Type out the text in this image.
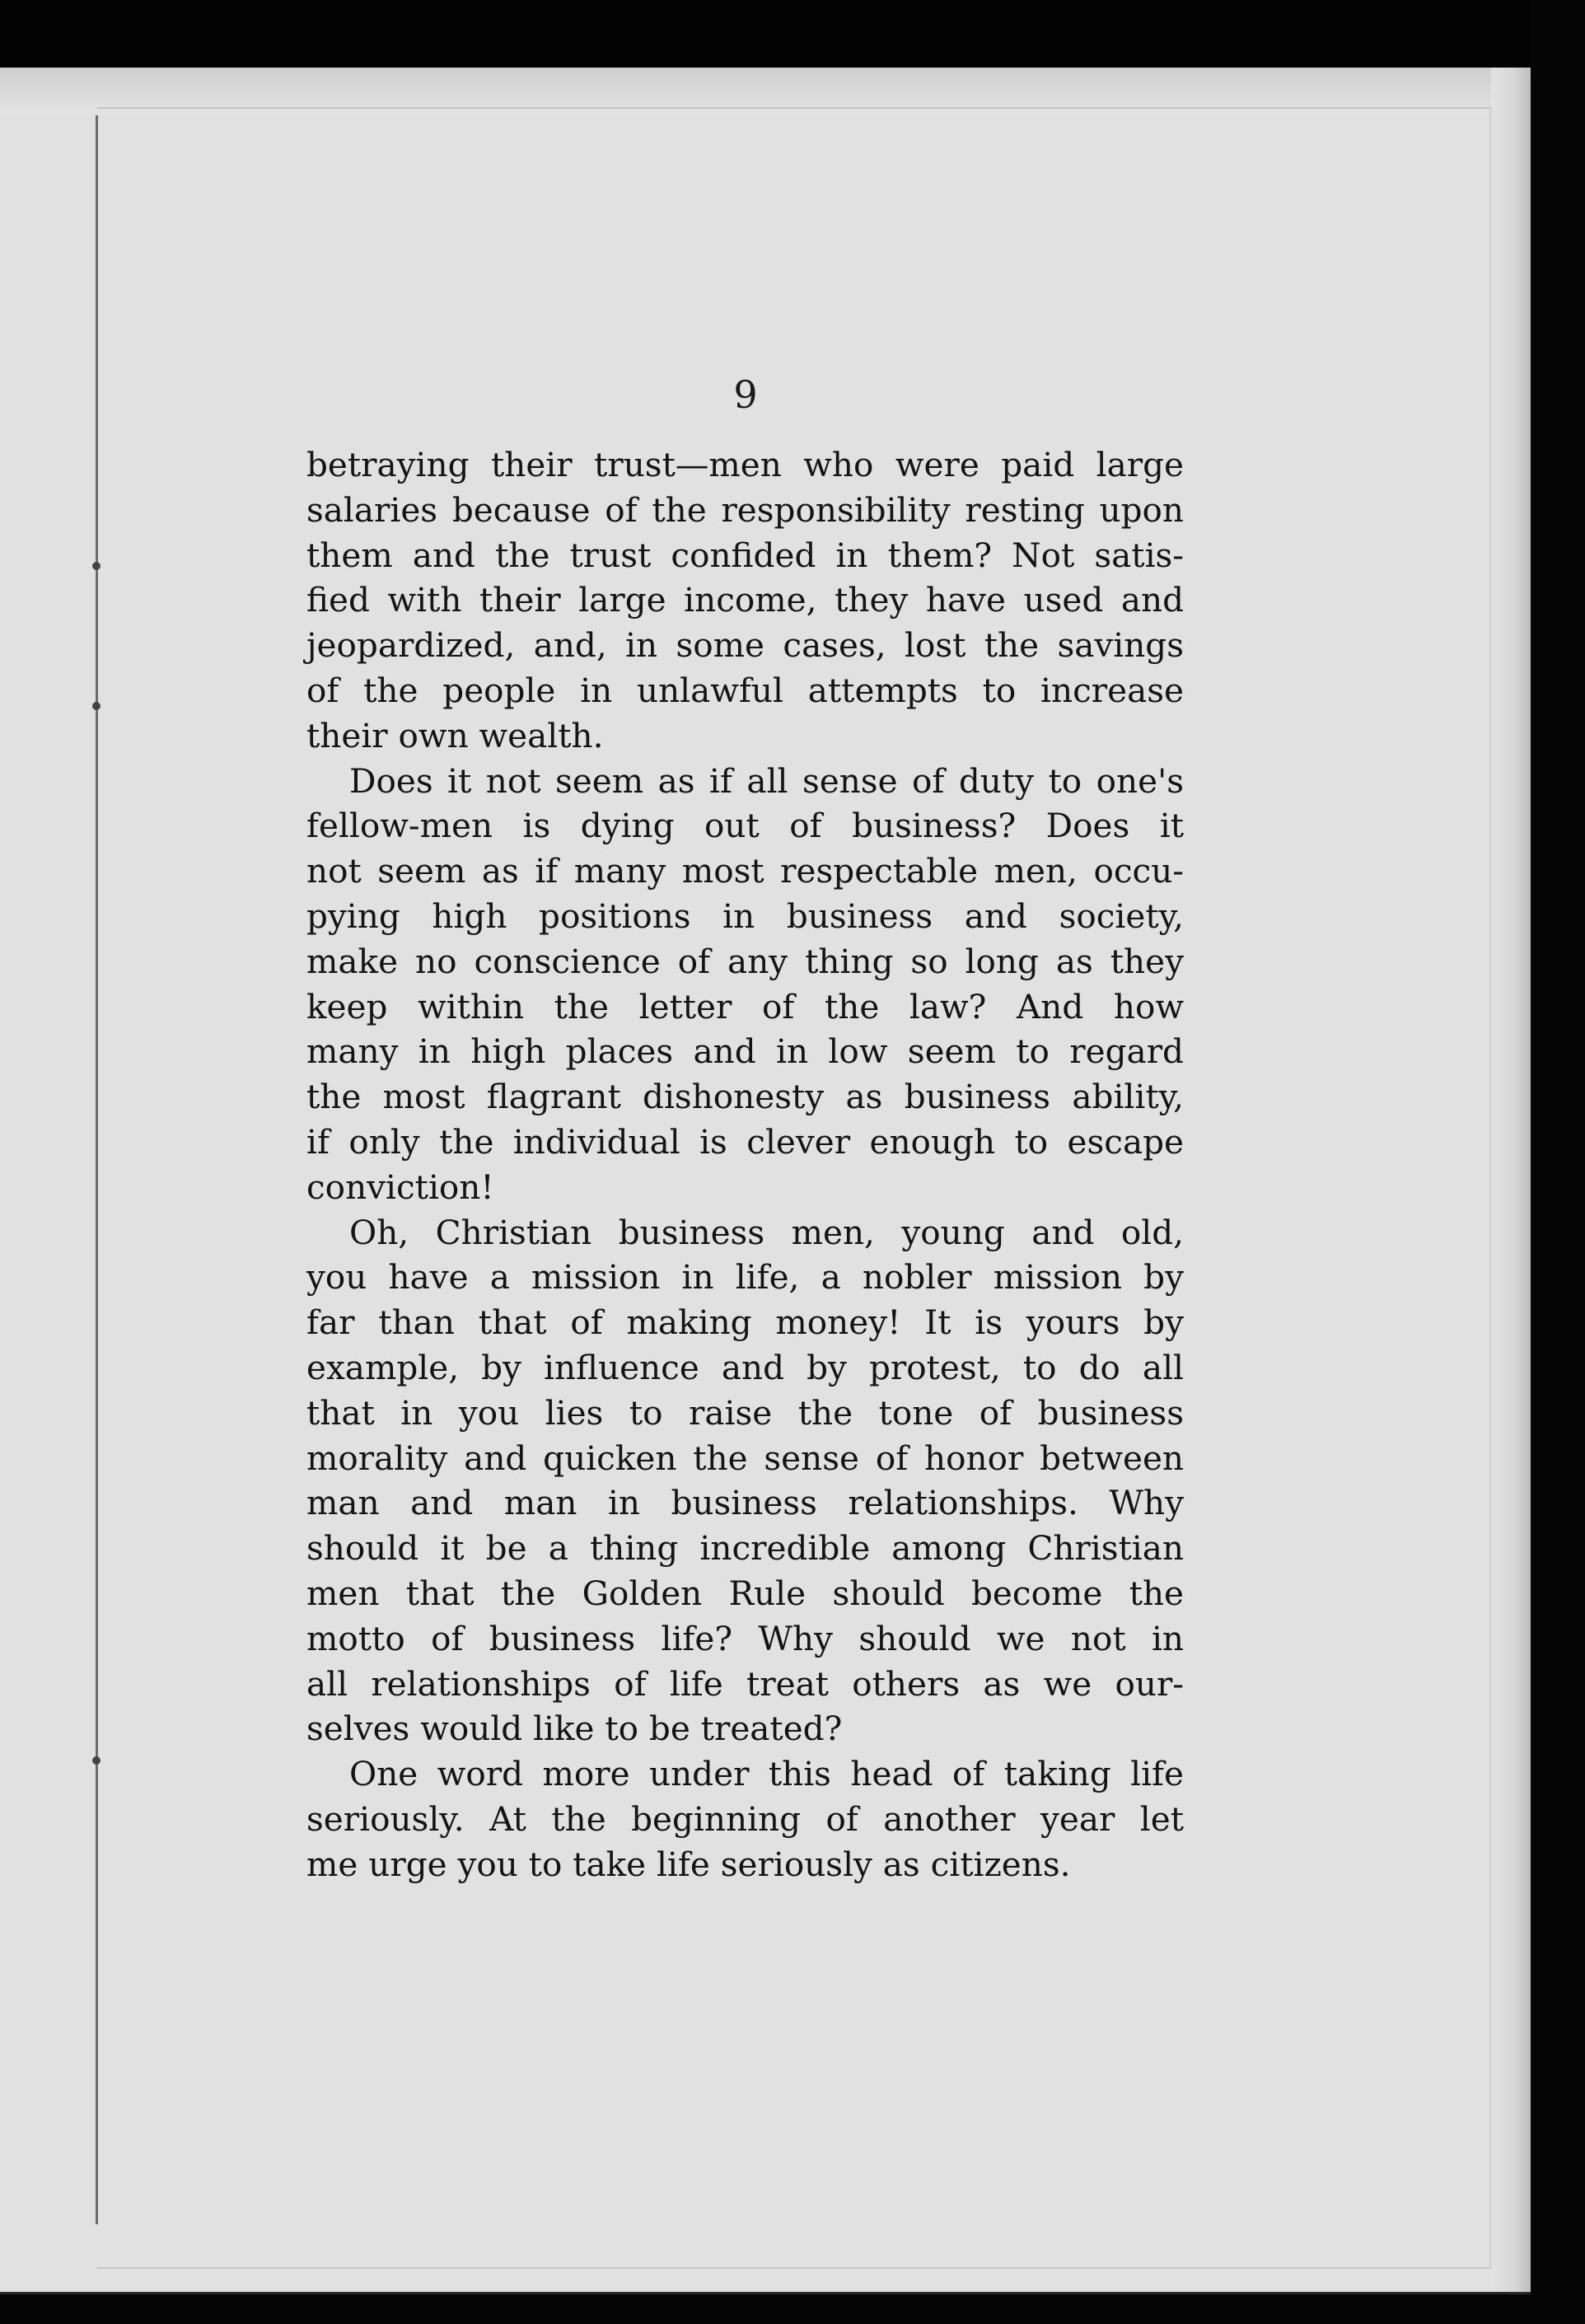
9
betraying their trust—men who were paid large
salaries because of the responsibility resting upon
them and the trust confided in them? Not satis-
fied with their large income, they have used and
jeopardized, and, in some cases, lost the savings
of the people in unlawful attempts to increase
their own wealth.
Does it not seem as if all sense of duty to one's
fellow-men is dying out of business? Does it
not seem as if many most respectable men, occu-
pying high positions in business and society,
make no conscience of any thing so long as they
keep within the letter of the law? And how
many in high places and in low seem to regard
the most flagrant dishonesty as business ability,
if only the individual is clever enough to escape
conviction!
Oh, Christian business men, young and old,
you have a mission in life, a nobler mission by
far than that of making money! It is yours by
example, by influence and by protest, to do all
that in you lies to raise the tone of business
morality and quicken the sense of honor between
man and man in business relationships. Why
should it be a thing incredible among Christian
men that the Golden Rule should become the
motto of business life? Why should we not in
all relationships of life treat others as we our-
selves would like to be treated?
One word more under this head of taking life
seriously. At the beginning of another year let
me urge you to take life seriously as citizens.
